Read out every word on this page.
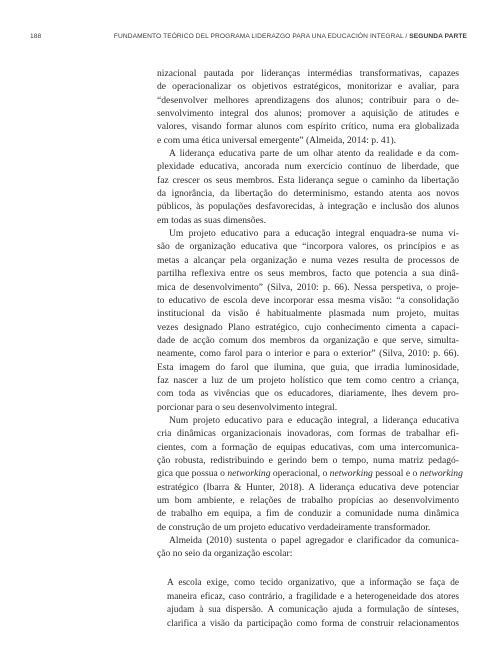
188	FUNDAMENTO TEÓRICO DEL PROGRAMA LIDERAZGO PARA UNA EDUCACIÓN INTEGRAL / SEGUNDA PARTE
nizacional pautada por lideranças intermédias transformativas, capazes
de operacionalizar os objetivos estratégicos, monitorizar e avaliar, para
“desenvolver melhores aprendizagens dos alunos; contribuir para o de-
senvolvimento integral dos alunos; promover a aquisição de atitudes e
valores, visando formar alunos com espírito crítico, numa era globalizada
e com uma ética universal emergente” (Almeida, 2014: p. 41).
A liderança educativa parte de um olhar atento da realidade e da com-
plexidade educativa, ancorada num exercício contínuo de liberdade, que
faz crescer os seus membros. Esta liderança segue o caminho da libertação
da ignorância, da libertação do determinismo, estando atenta aos novos
públicos, às populações desfavorecidas, à integração e inclusão dos alunos
em todas as suas dimensões.
Um projeto educativo para a educação integral enquadra-se numa vi-
são de organização educativa que “incorpora valores, os princípios e as
metas a alcançar pela organização e numa vezes resulta de processos de
partilha reflexiva entre os seus membros, facto que potencia a sua dinâ-
mica de desenvolvimento” (Silva, 2010: p. 66). Nessa perspetiva, o proje-
to educativo de escola deve incorporar essa mesma visão: “a consolidação
institucional da visão é habitualmente plasmada num projeto, muitas
vezes designado Plano estratégico, cujo conhecimento cimenta a capaci-
dade de acção comum dos membros da organização e que serve, simulta-
neamente, como farol para o interior e para o exterior” (Silva, 2010: p. 66).
Esta imagem do farol que ilumina, que guia, que irradia luminosidade,
faz nascer a luz de um projeto holístico que tem como centro a criança,
com toda as vivências que os educadores, diariamente, lhes devem pro-
porcionar para o seu desenvolvimento integral.
Num projeto educativo para e educação integral, a liderança educativa
cria dinâmicas organizacionais inovadoras, com formas de trabalhar efi-
cientes, com a formação de equipas educativas, com uma intercomunica-
ção robusta, redistribuindo e gerindo bem o tempo, numa matriz pedagó-
gica que possua o networking operacional, o networking pessoal e o networking
estratégico (Ibarra & Hunter, 2018). A liderança educativa deve potenciar
um bom ambiente, e relações de trabalho propícias ao desenvolvimento
de trabalho em equipa, a fim de conduzir a comunidade numa dinâmica
de construção de um projeto educativo verdadeiramente transformador.
Almeida (2010) sustenta o papel agregador e clarificador da comunica-
ção no seio da organização escolar:
A escola exige, como tecido organizativo, que a informação se faça de
maneira eficaz, caso contrário, a fragilidade e a heterogeneidade dos atores
ajudam à sua dispersão. A comunicação ajuda a formulação de sínteses,
clarifica a visão da participação como forma de construir relacionamentos
